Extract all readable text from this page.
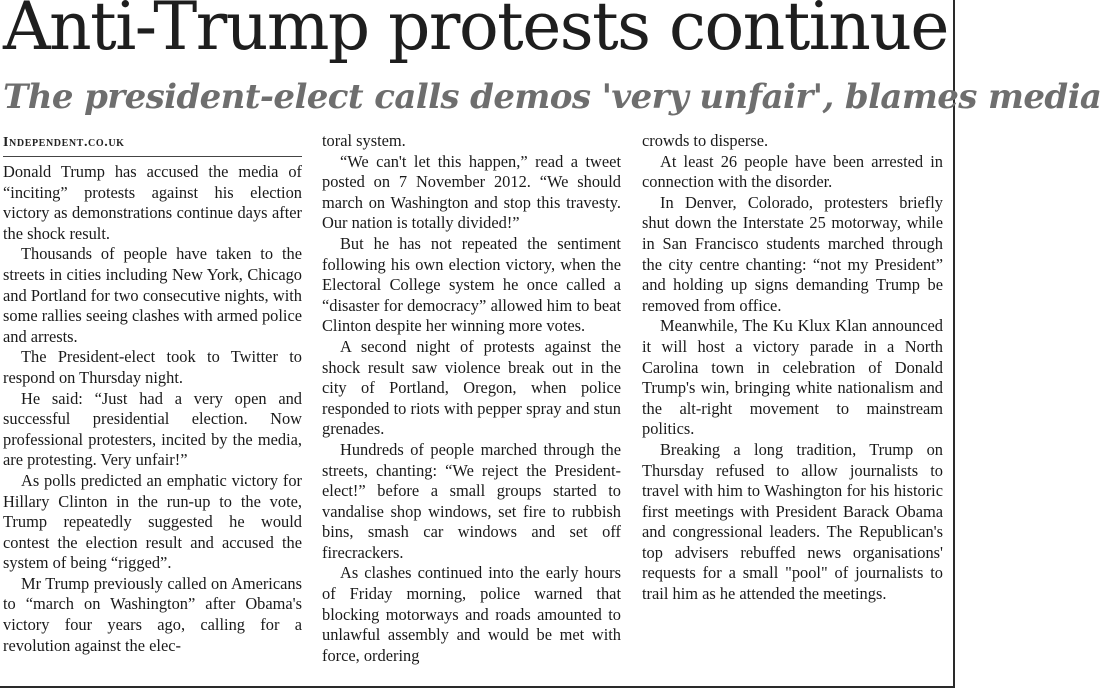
Anti-Trump protests continue
The president-elect calls demos 'very unfair', blames media
Independent.co.uk

Donald Trump has accused the media of “inciting” protests against his election victory as demonstrations continue days after the shock result.

Thousands of people have taken to the streets in cities including New York, Chicago and Portland for two consecutive nights, with some rallies seeing clashes with armed police and arrests.

The President-elect took to Twitter to respond on Thursday night.

He said: “Just had a very open and successful presidential election. Now professional protesters, incited by the media, are protesting. Very unfair!”

As polls predicted an emphatic victory for Hillary Clinton in the run-up to the vote, Trump repeatedly suggested he would contest the election result and accused the system of being “rigged”.

Mr Trump previously called on Americans to “march on Washington” after Obama's victory four years ago, calling for a revolution against the elec-

toral system.

“We can't let this happen,” read a tweet posted on 7 November 2012. “We should march on Washington and stop this travesty. Our nation is totally divided!”

But he has not repeated the sentiment following his own election victory, when the Electoral College system he once called a “disaster for democracy” allowed him to beat Clinton despite her winning more votes.

A second night of protests against the shock result saw violence break out in the city of Portland, Oregon, when police responded to riots with pepper spray and stun grenades.

Hundreds of people marched through the streets, chanting: “We reject the President-elect!” before a small groups started to vandalise shop windows, set fire to rubbish bins, smash car windows and set off firecrackers.

As clashes continued into the early hours of Friday morning, police warned that blocking motorways and roads amounted to unlawful assembly and would be met with force, ordering

crowds to disperse.

At least 26 people have been arrested in connection with the disorder.

In Denver, Colorado, protesters briefly shut down the Interstate 25 motorway, while in San Francisco students marched through the city centre chanting: “not my President” and holding up signs demanding Trump be removed from office.

Meanwhile, The Ku Klux Klan announced it will host a victory parade in a North Carolina town in celebration of Donald Trump's win, bringing white nationalism and the alt-right movement to mainstream politics.

Breaking a long tradition, Trump on Thursday refused to allow journalists to travel with him to Washington for his historic first meetings with President Barack Obama and congressional leaders. The Republican's top advisers rebuffed news organisations' requests for a small "pool" of journalists to trail him as he attended the meetings.
